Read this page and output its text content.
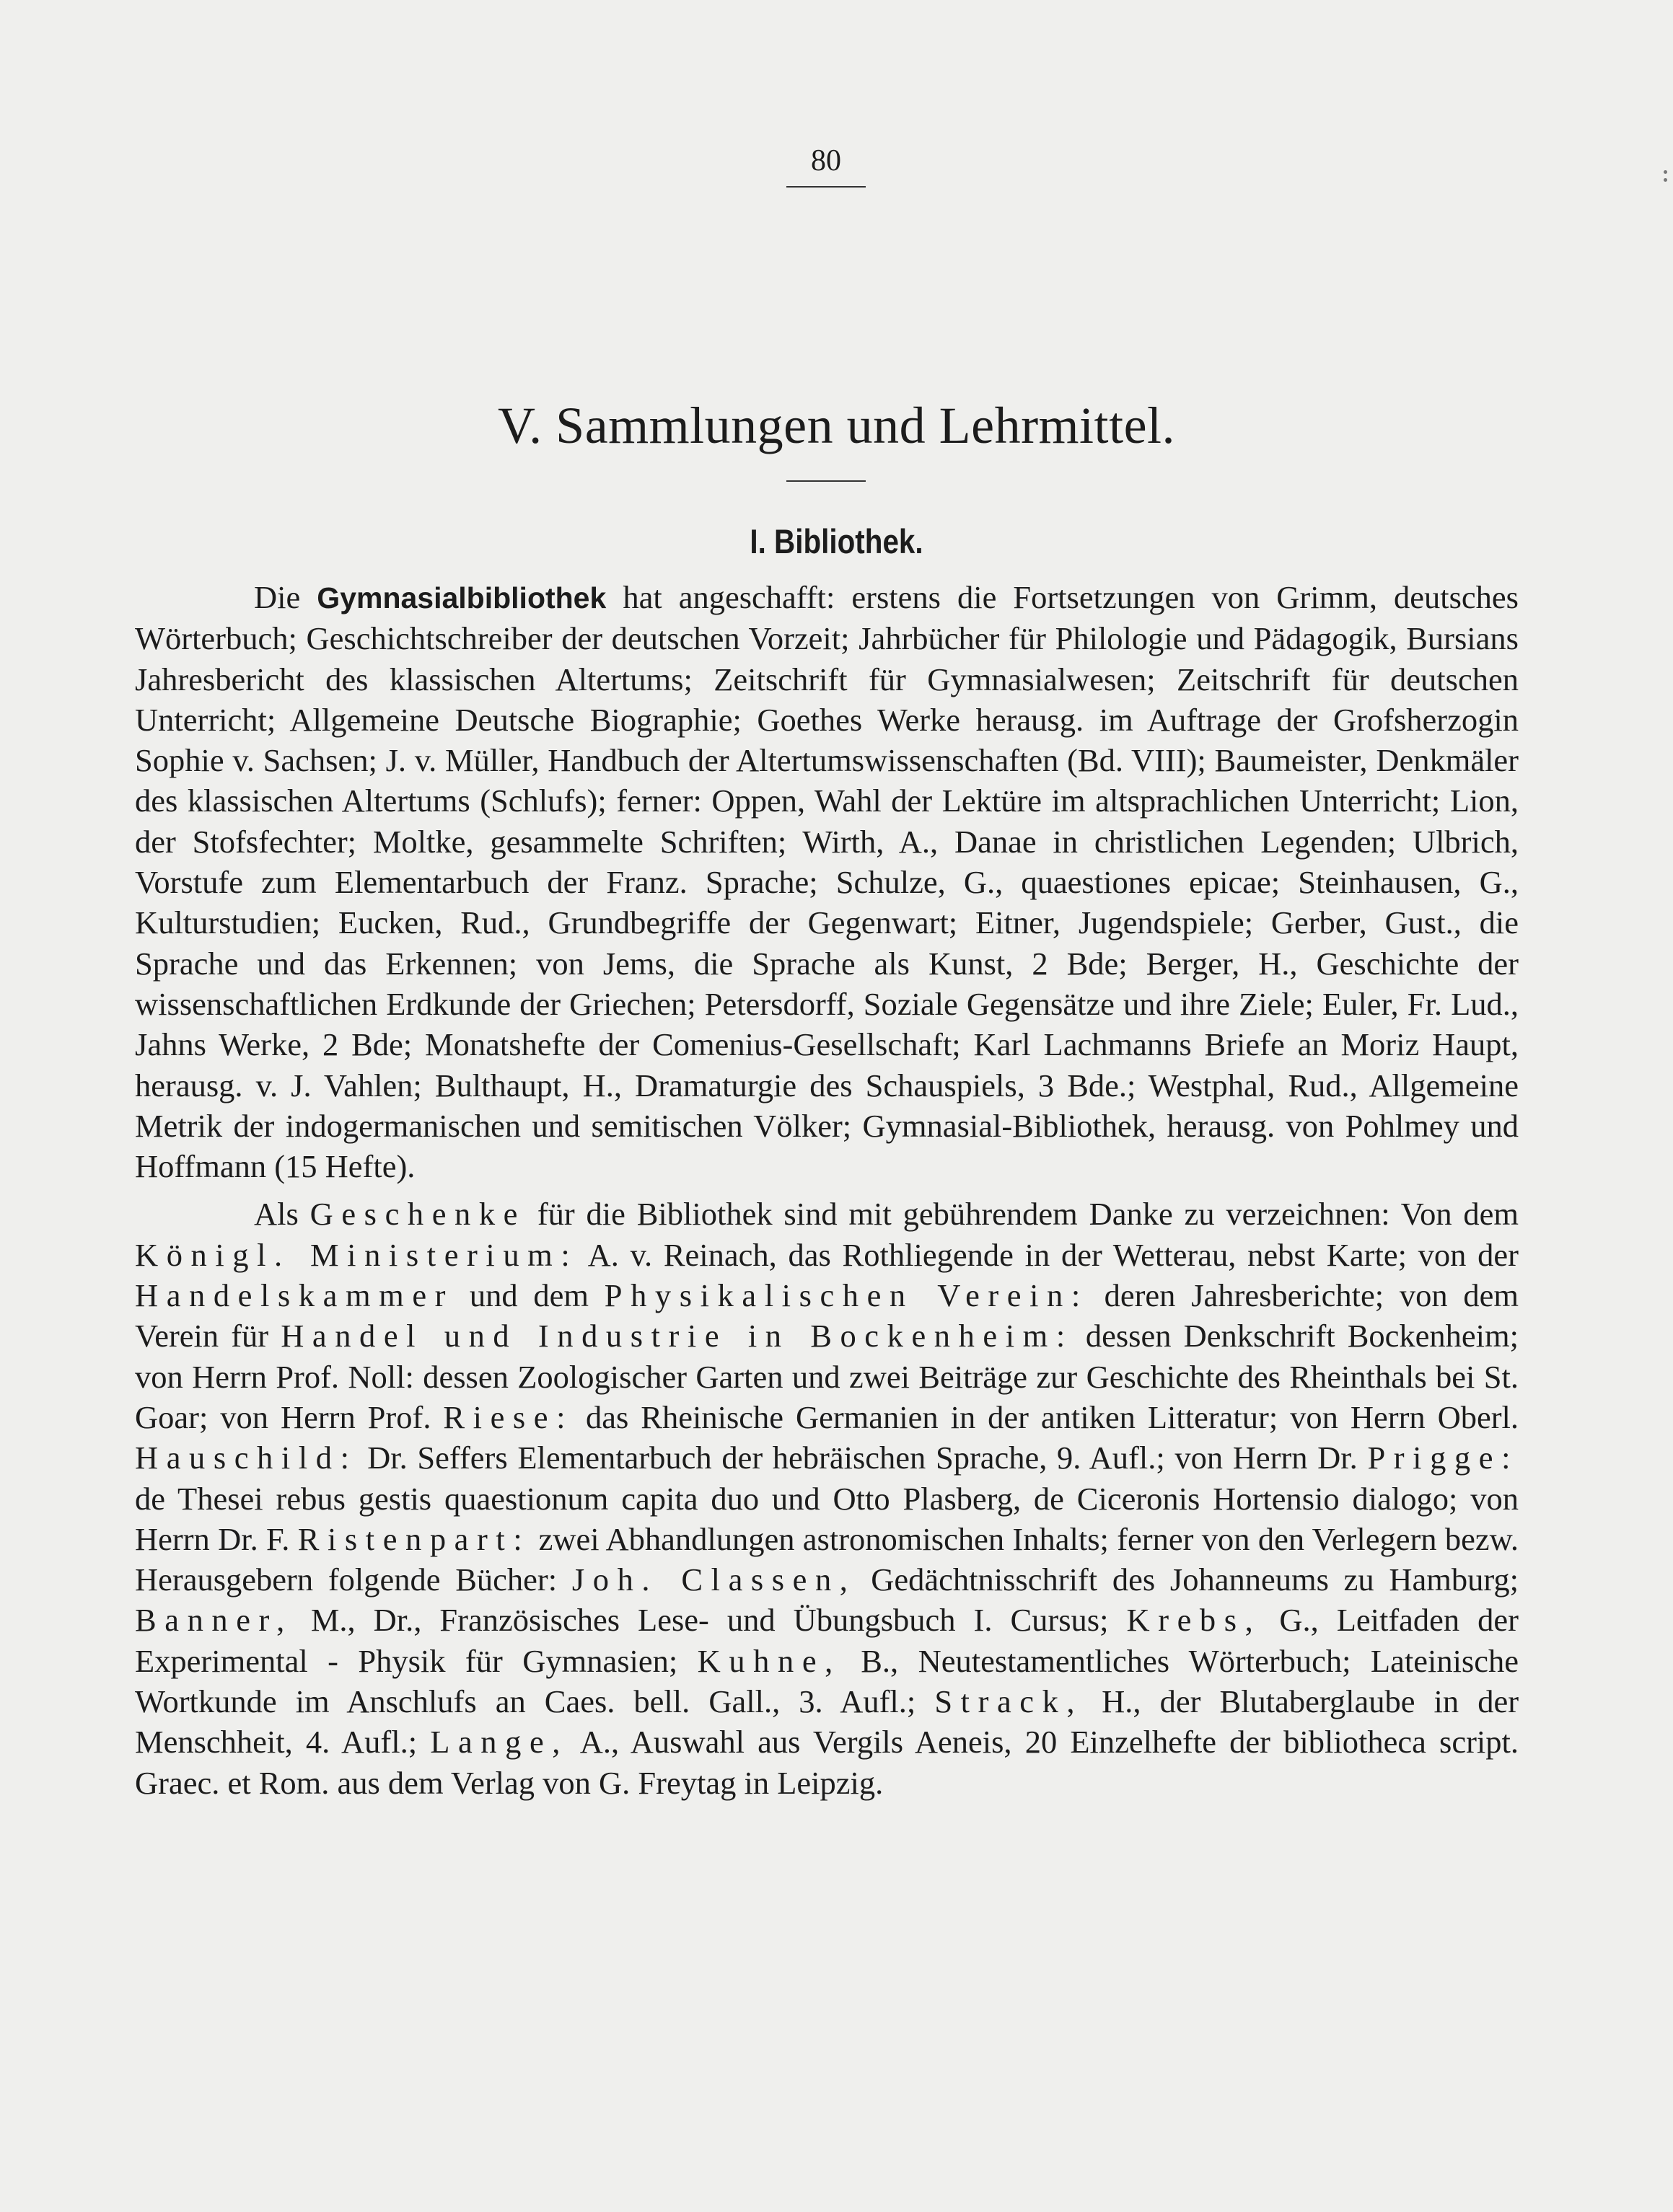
80
V. Sammlungen und Lehrmittel.
I. Bibliothek.

Die Gymnasialbibliothek hat angeschafft: erstens die Fortsetzungen von Grimm, deutsches Wörterbuch; Geschichtschreiber der deutschen Vorzeit; Jahrbücher für Philologie und Pädagogik, Bursians Jahresbericht des klassischen Altertums; Zeitschrift für Gymnasialwesen; Zeitschrift für deutschen Unterricht; Allgemeine Deutsche Biographie; Goethes Werke herausg. im Auftrage der Grofsherzogin Sophie v. Sachsen; J. v. Müller, Handbuch der Altertumswissenschaften (Bd. VIII); Baumeister, Denkmäler des klassischen Altertums (Schlufs); ferner: Oppen, Wahl der Lektüre im altsprachlichen Unterricht; Lion, der Stofsfechter; Moltke, gesammelte Schriften; Wirth, A., Danae in christlichen Legenden; Ulbrich, Vorstufe zum Elementarbuch der Franz. Sprache; Schulze, G., quaestiones epicae; Steinhausen, G., Kulturstudien; Eucken, Rud., Grundbegriffe der Gegenwart; Eitner, Jugendspiele; Gerber, Gust., die Sprache und das Erkennen; von Jems, die Sprache als Kunst, 2 Bde; Berger, H., Geschichte der wissenschaftlichen Erdkunde der Griechen; Petersdorff, Soziale Gegensätze und ihre Ziele; Euler, Fr. Lud., Jahns Werke, 2 Bde; Monatshefte der Comenius-Gesellschaft; Karl Lachmanns Briefe an Moriz Haupt, herausg. v. J. Vahlen; Bulthaupt, H., Dramaturgie des Schauspiels, 3 Bde.; Westphal, Rud., Allgemeine Metrik der indogermanischen und semitischen Völker; Gymnasial-Bibliothek, herausg. von Pohlmey und Hoffmann (15 Hefte).

Als Geschenke für die Bibliothek sind mit gebührendem Danke zu verzeichnen: Von dem Königl. Ministerium: A. v. Reinach, das Rothliegende in der Wetterau, nebst Karte; von der Handelskammer und dem Physikalischen Verein: deren Jahresberichte; von dem Verein für Handel und Industrie in Bockenheim: dessen Denkschrift Bockenheim; von Herrn Prof. Noll: dessen Zoologischer Garten und zwei Beiträge zur Geschichte des Rheinthals bei St. Goar; von Herrn Prof. Riese: das Rheinische Germanien in der antiken Litteratur; von Herrn Oberl. Hauschild: Dr. Seffers Elementarbuch der hebräischen Sprache, 9. Aufl.; von Herrn Dr. Prigge: de Thesei rebus gestis quaestionum capita duo und Otto Plasberg, de Ciceronis Hortensio dialogo; von Herrn Dr. F. Ristenpart: zwei Abhandlungen astronomischen Inhalts; ferner von den Verlegern bezw. Herausgebern folgende Bücher: Joh. Classen, Gedächtnisschrift des Johanneums zu Hamburg; Banner, M., Dr., Französisches Lese- und Übungsbuch I. Cursus; Krebs, G., Leitfaden der Experimental - Physik für Gymnasien; Kuhne, B., Neutestamentliches Wörterbuch; Lateinische Wortkunde im Anschlufs an Caes. bell. Gall., 3. Aufl.; Strack, H., der Blutaberglaube in der Menschheit, 4. Aufl.; Lange, A., Auswahl aus Vergils Aeneis, 20 Einzelhefte der bibliotheca script. Graec. et Rom. aus dem Verlag von G. Freytag in Leipzig.
